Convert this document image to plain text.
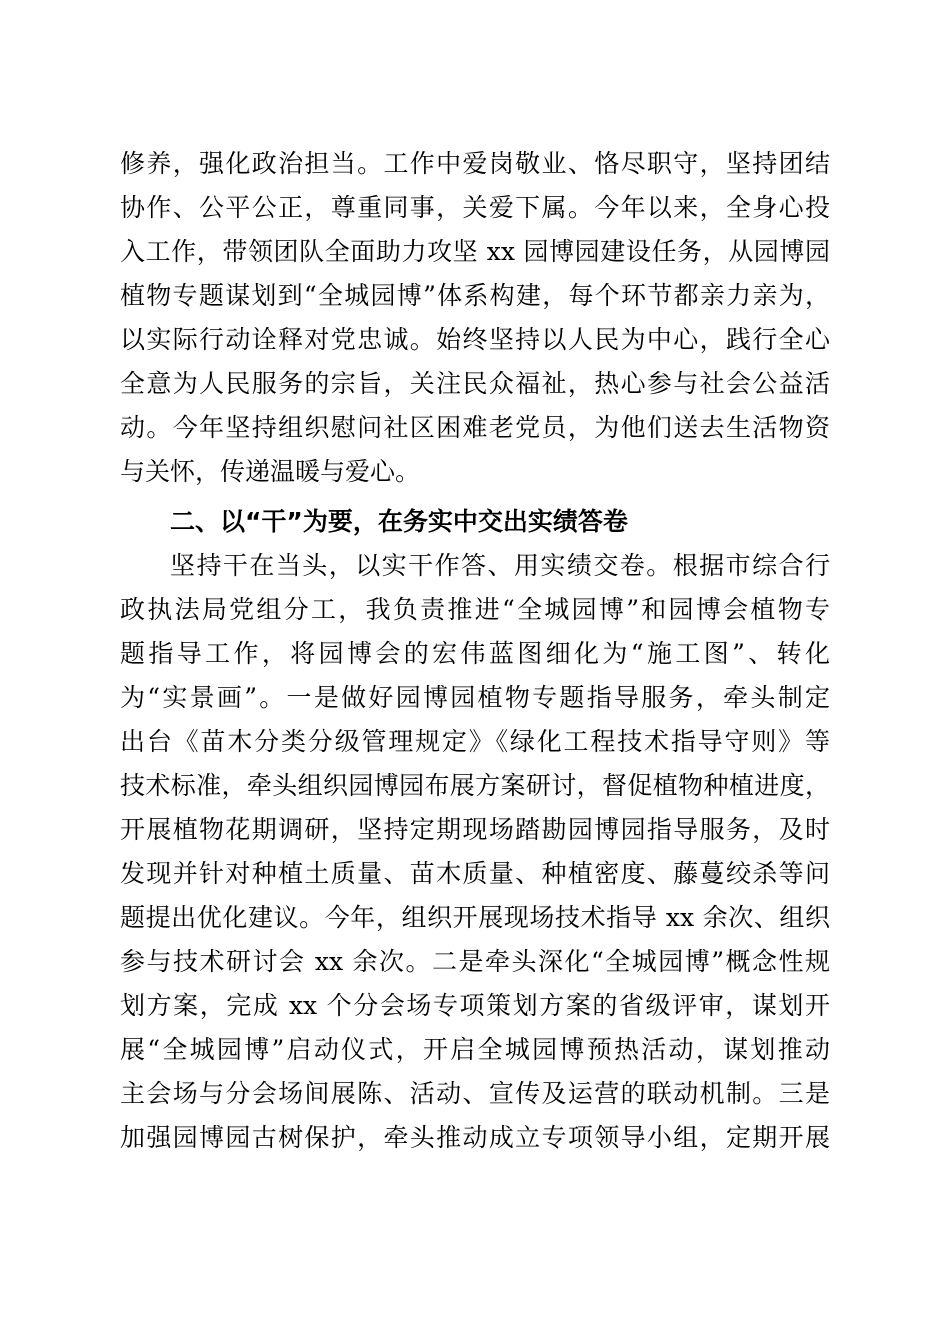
修养，强化政治担当。工作中爱岗敬业、恪尽职守，坚持团结
协作、公平公正，尊重同事，关爱下属。今年以来，全身心投
入工作，带领团队全面助力攻坚 xx 园博园建设任务，从园博园
植物专题谋划到“全城园博”体系构建，每个环节都亲力亲为，
以实际行动诠释对党忠诚。始终坚持以人民为中心，践行全心
全意为人民服务的宗旨，关注民众福祉，热心参与社会公益活
动。今年坚持组织慰问社区困难老党员，为他们送去生活物资
与关怀，传递温暖与爱心。
二、以“干”为要，在务实中交出实绩答卷
坚持干在当头，以实干作答、用实绩交卷。根据市综合行
政执法局党组分工，我负责推进“全城园博”和园博会植物专
题指导工作，将园博会的宏伟蓝图细化为“施工图”、转化
为“实景画”。一是做好园博园植物专题指导服务，牵头制定
出台《苗木分类分级管理规定》《绿化工程技术指导守则》等
技术标准，牵头组织园博园布展方案研讨，督促植物种植进度，
开展植物花期调研，坚持定期现场踏勘园博园指导服务，及时
发现并针对种植土质量、苗木质量、种植密度、藤蔓绞杀等问
题提出优化建议。今年，组织开展现场技术指导 xx 余次、组织
参与技术研讨会 xx 余次。二是牵头深化“全城园博”概念性规
划方案，完成 xx 个分会场专项策划方案的省级评审，谋划开
展“全城园博”启动仪式，开启全城园博预热活动，谋划推动
主会场与分会场间展陈、活动、宣传及运营的联动机制。三是
加强园博园古树保护，牵头推动成立专项领导小组，定期开展
